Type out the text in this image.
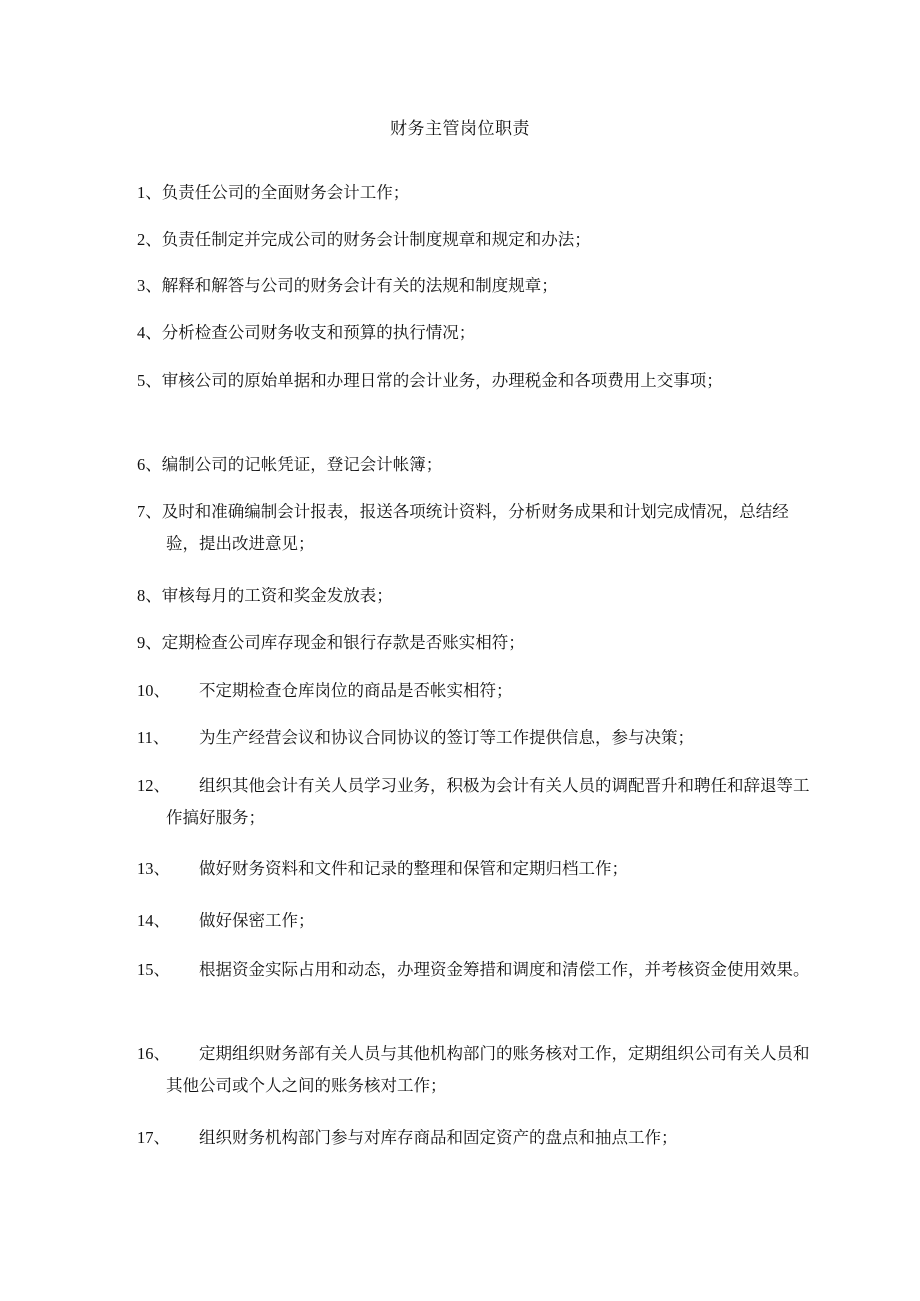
财务主管岗位职责
1、负责任公司的全面财务会计工作；
2、负责任制定并完成公司的财务会计制度规章和规定和办法；
3、解释和解答与公司的财务会计有关的法规和制度规章；
4、分析检查公司财务收支和预算的执行情况；
5、审核公司的原始单据和办理日常的会计业务，办理税金和各项费用上交事项；
6、编制公司的记帐凭证，登记会计帐簿；
7、及时和准确编制会计报表，报送各项统计资料，分析财务成果和计划完成情况，总结经验，提出改进意见；
8、审核每月的工资和奖金发放表；
9、定期检查公司库存现金和银行存款是否账实相符；
10、 不定期检查仓库岗位的商品是否帐实相符；
11、 为生产经营会议和协议合同协议的签订等工作提供信息，参与决策；
12、 组织其他会计有关人员学习业务，积极为会计有关人员的调配晋升和聘任和辞退等工作搞好服务；
13、 做好财务资料和文件和记录的整理和保管和定期归档工作；
14、 做好保密工作；
15、 根据资金实际占用和动态，办理资金筹措和调度和清偿工作，并考核资金使用效果。
16、 定期组织财务部有关人员与其他机构部门的账务核对工作，定期组织公司有关人员和其他公司或个人之间的账务核对工作；
17、 组织财务机构部门参与对库存商品和固定资产的盘点和抽点工作；
